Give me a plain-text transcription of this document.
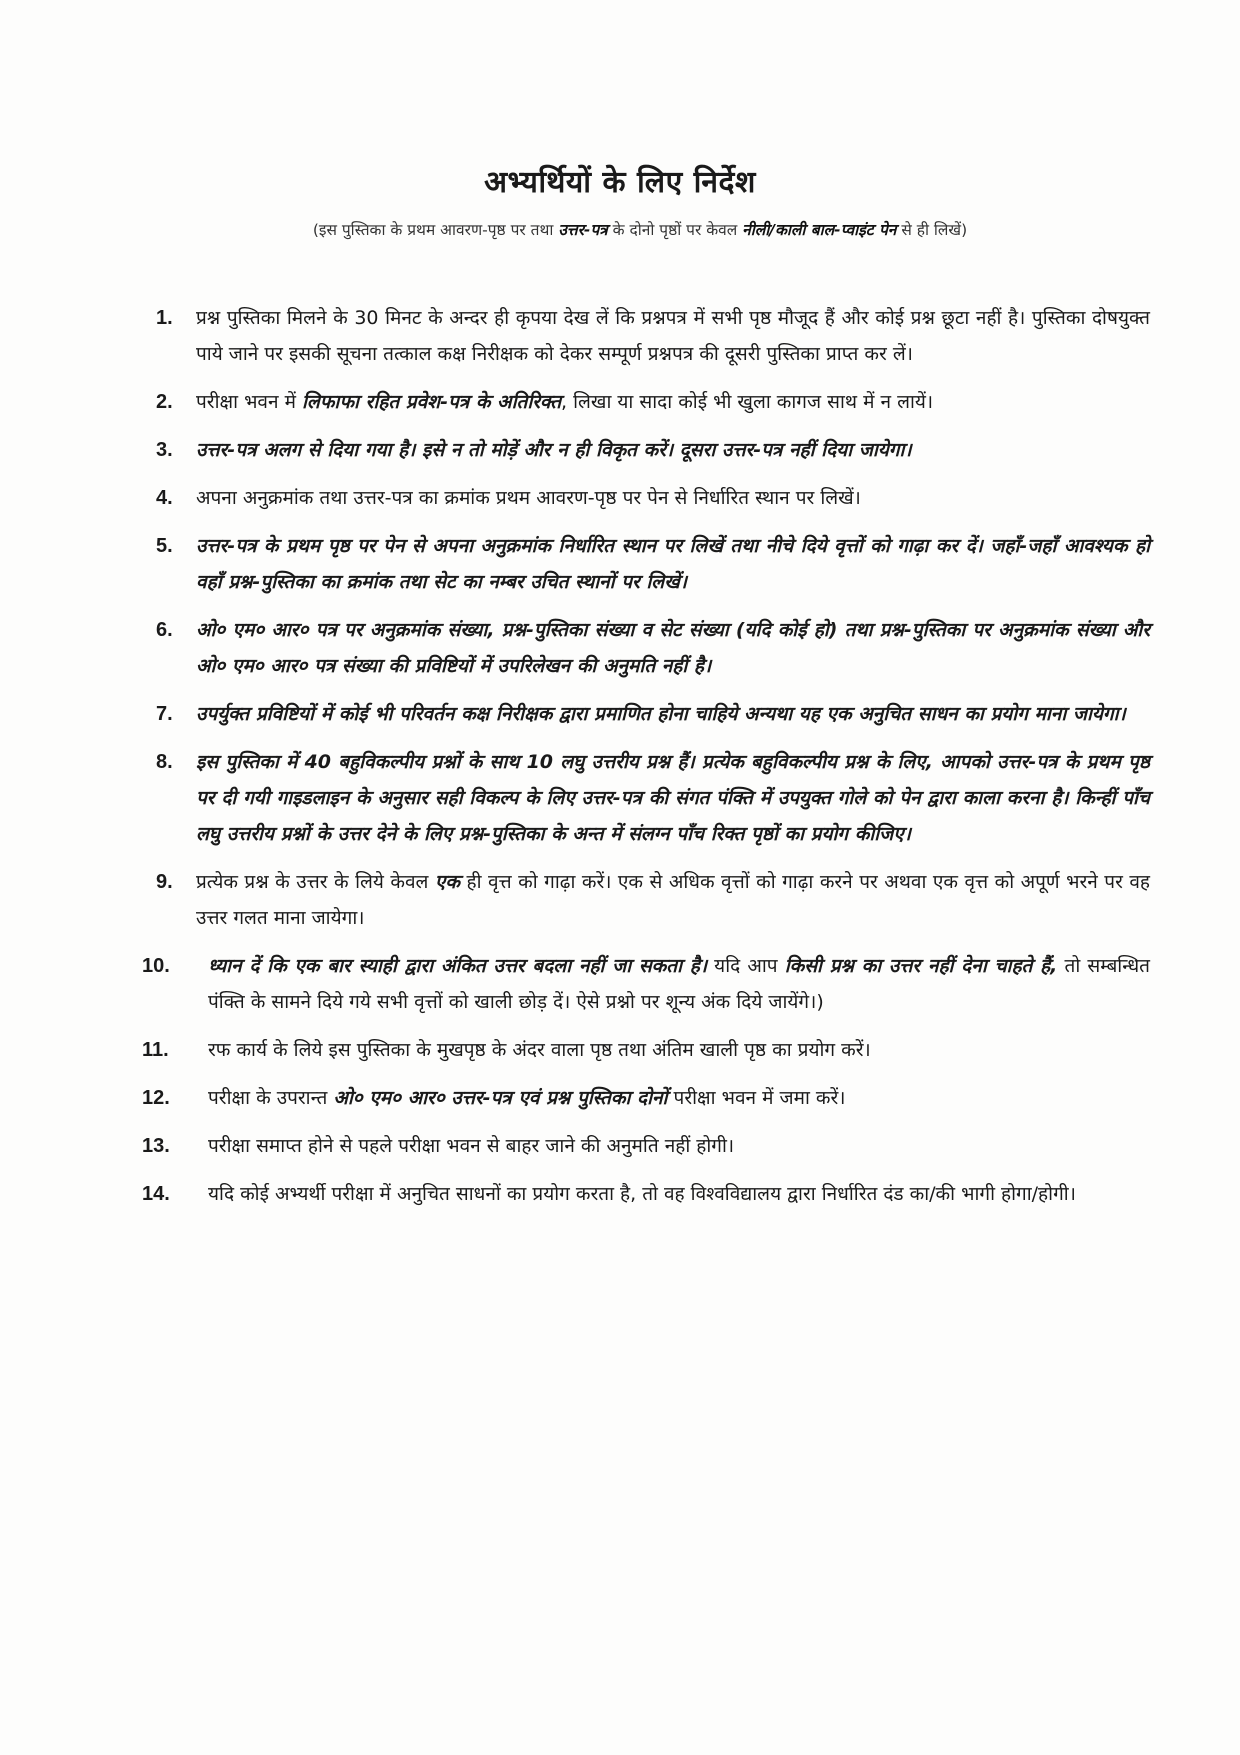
अभ्यर्थियों के लिए निर्देश
(इस पुस्तिका के प्रथम आवरण-पृष्ठ पर तथा उत्तर-पत्र के दोनो पृष्ठों पर केवल नीली/काली बाल-प्वाइंट पेन से ही लिखें)
1. प्रश्न पुस्तिका मिलने के 30 मिनट के अन्दर ही कृपया देख लें कि प्रश्नपत्र में सभी पृष्ठ मौजूद हैं और कोई प्रश्न छूटा नहीं है। पुस्तिका दोषयुक्त पाये जाने पर इसकी सूचना तत्काल कक्ष निरीक्षक को देकर सम्पूर्ण प्रश्नपत्र की दूसरी पुस्तिका प्राप्त कर लें।
2. परीक्षा भवन में लिफाफा रहित प्रवेश-पत्र के अतिरिक्त, लिखा या सादा कोई भी खुला कागज साथ में न लायें।
3. उत्तर-पत्र अलग से दिया गया है। इसे न तो मोड़ें और न ही विकृत करें। दूसरा उत्तर-पत्र नहीं दिया जायेगा।
4. अपना अनुक्रमांक तथा उत्तर-पत्र का क्रमांक प्रथम आवरण-पृष्ठ पर पेन से निर्धारित स्थान पर लिखें।
5. उत्तर-पत्र के प्रथम पृष्ठ पर पेन से अपना अनुक्रमांक निर्धारित स्थान पर लिखें तथा नीचे दिये वृत्तों को गाढ़ा कर दें। जहाँ-जहाँ आवश्यक हो वहाँ प्रश्न-पुस्तिका का क्रमांक तथा सेट का नम्बर उचित स्थानों पर लिखें।
6. ओ० एम० आर० पत्र पर अनुक्रमांक संख्या, प्रश्न-पुस्तिका संख्या व सेट संख्या (यदि कोई हो) तथा प्रश्न-पुस्तिका पर अनुक्रमांक संख्या और ओ० एम० आर० पत्र संख्या की प्रविष्टियों में उपरिलेखन की अनुमति नहीं है।
7. उपर्युक्त प्रविष्टियों में कोई भी परिवर्तन कक्ष निरीक्षक द्वारा प्रमाणित होना चाहिये अन्यथा यह एक अनुचित साधन का प्रयोग माना जायेगा।
8. इस पुस्तिका में 40 बहुविकल्पीय प्रश्नों के साथ 10 लघु उत्तरीय प्रश्न हैं। प्रत्येक बहुविकल्पीय प्रश्न के लिए, आपको उत्तर-पत्र के प्रथम पृष्ठ पर दी गयी गाइडलाइन के अनुसार सही विकल्प के लिए उत्तर-पत्र की संगत पंक्ति में उपयुक्त गोले को पेन द्वारा काला करना है। किन्हीं पाँच लघु उत्तरीय प्रश्नों के उत्तर देने के लिए प्रश्न-पुस्तिका के अन्त में संलग्न पाँच रिक्त पृष्ठों का प्रयोग कीजिए।
9. प्रत्येक प्रश्न के उत्तर के लिये केवल एक ही वृत्त को गाढ़ा करें। एक से अधिक वृत्तों को गाढ़ा करने पर अथवा एक वृत्त को अपूर्ण भरने पर वह उत्तर गलत माना जायेगा।
10. ध्यान दें कि एक बार स्याही द्वारा अंकित उत्तर बदला नहीं जा सकता है। यदि आप किसी प्रश्न का उत्तर नहीं देना चाहते हैं, तो सम्बन्धित पंक्ति के सामने दिये गये सभी वृत्तों को खाली छोड़ दें। ऐसे प्रश्नो पर शून्य अंक दिये जायेंगे।)
11. रफ कार्य के लिये इस पुस्तिका के मुखपृष्ठ के अंदर वाला पृष्ठ तथा अंतिम खाली पृष्ठ का प्रयोग करें।
12. परीक्षा के उपरान्त ओ० एम० आर० उत्तर-पत्र एवं प्रश्न पुस्तिका दोनों परीक्षा भवन में जमा करें।
13. परीक्षा समाप्त होने से पहले परीक्षा भवन से बाहर जाने की अनुमति नहीं होगी।
14. यदि कोई अभ्यर्थी परीक्षा में अनुचित साधनों का प्रयोग करता है, तो वह विश्वविद्यालय द्वारा निर्धारित दंड का/की भागी होगा/होगी।
